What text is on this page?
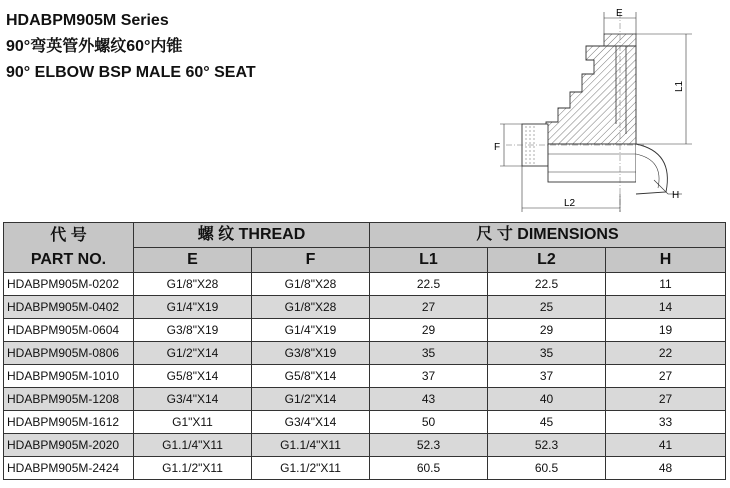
HDABPM905M Series
90°弯英管外螺纹60°内锥
90° ELBOW BSP MALE 60° SEAT
E
L1
F
L2
H
代 号
PART NO.	螺 纹 THREAD		尺 寸 DIMENSIONS		
	E	F	L1	L2	H
HDABPM905M-0202	G1/8"X28	G1/8"X28	22.5	22.5	11
HDABPM905M-0402	G1/4"X19	G1/8"X28	27	25	14
HDABPM905M-0604	G3/8"X19	G1/4"X19	29	29	19
HDABPM905M-0806	G1/2"X14	G3/8"X19	35	35	22
HDABPM905M-1010	G5/8"X14	G5/8"X14	37	37	27
HDABPM905M-1208	G3/4"X14	G1/2"X14	43	40	27
HDABPM905M-1612	G1"X11	G3/4"X14	50	45	33
HDABPM905M-2020	G1.1/4"X11	G1.1/4"X11	52.3	52.3	41
HDABPM905M-2424	G1.1/2"X11	G1.1/2"X11	60.5	60.5	48
